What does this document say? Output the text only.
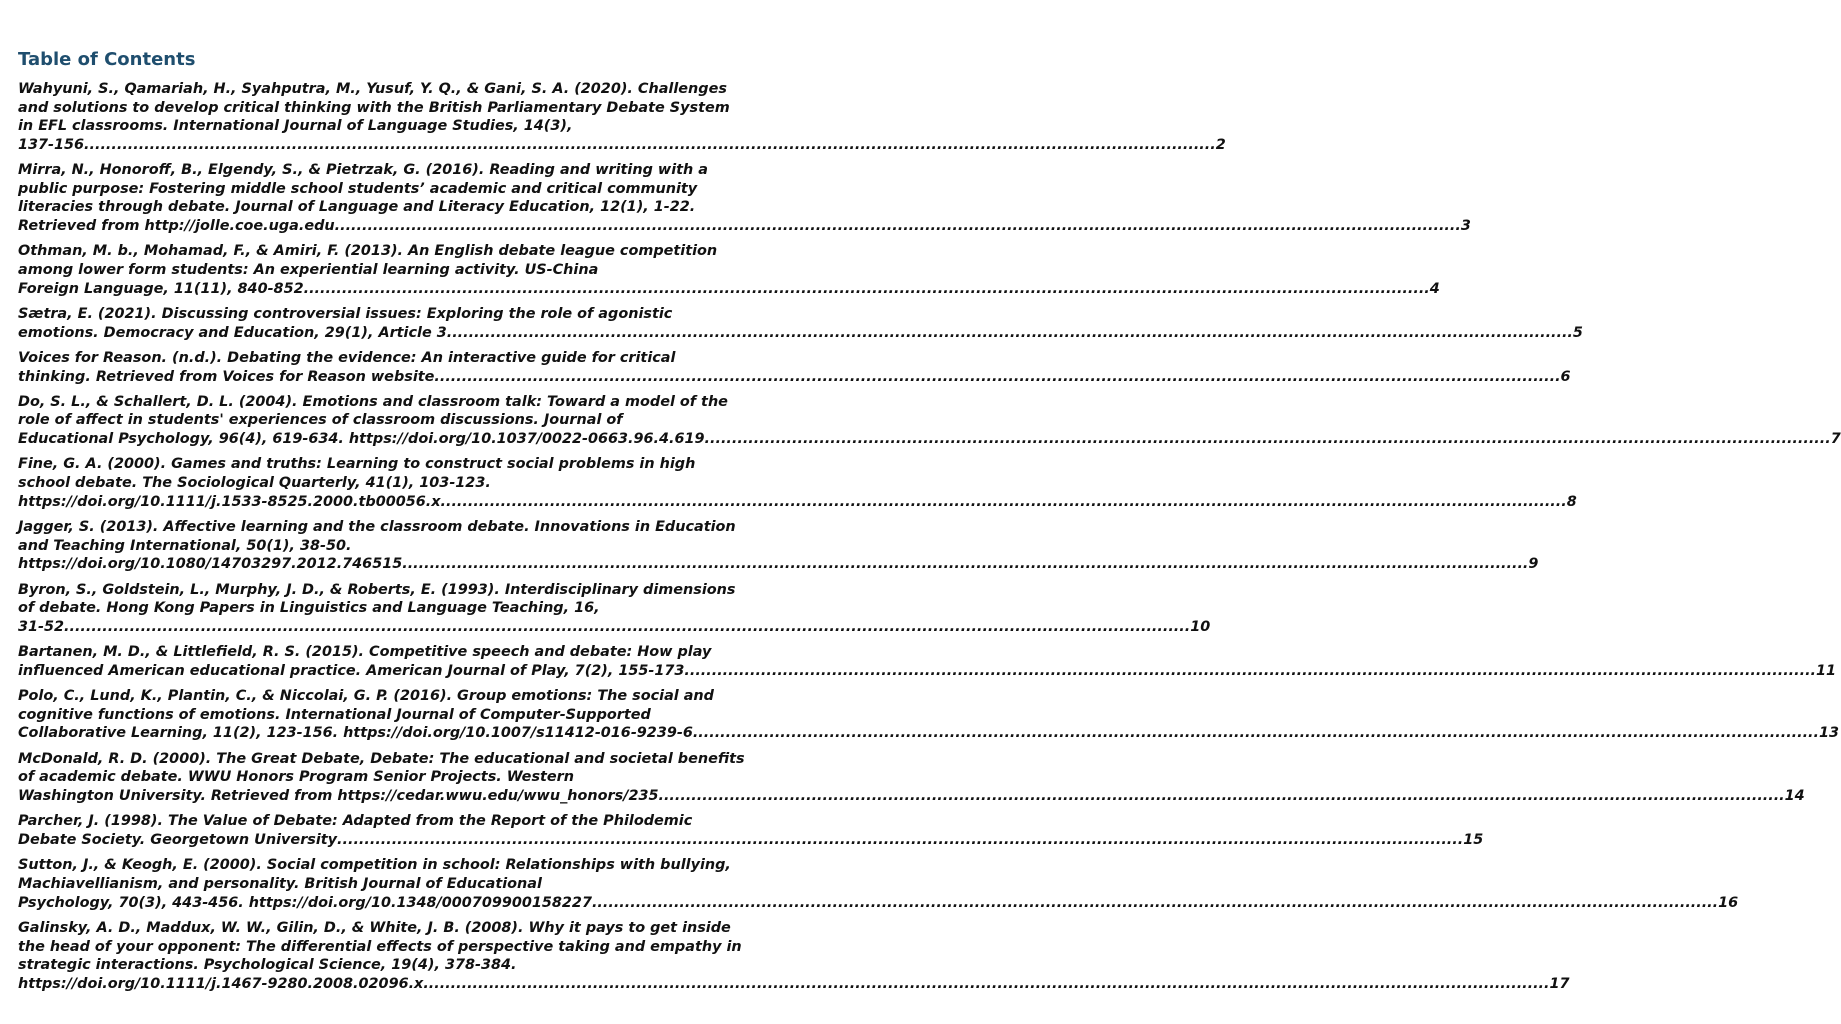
Table of Contents
Wahyuni, S., Qamariah, H., Syahputra, M., Yusuf, Y. Q., & Gani, S. A. (2020). Challenges and solutions to develop critical thinking with the British Parliamentary Debate System in EFL classrooms. International Journal of Language Studies, 14(3),
137-156. .....	2
Mirra, N., Honoroff, B., Elgendy, S., & Pietrzak, G. (2016). Reading and writing with a public purpose: Fostering middle school students’ academic and critical community literacies through debate. Journal of Language and Literacy Education, 12(1), 1-22.
Retrieved from http://jolle.coe.uga.edu .....	3
Othman, M. b., Mohamad, F., & Amiri, F. (2013). An English debate league competition among lower form students: An experiential learning activity. US-China
Foreign Language, 11(11), 840-852 .....	4
Sætra, E. (2021). Discussing controversial issues: Exploring the role of agonistic
emotions. Democracy and Education, 29(1), Article 3 .....	5
Voices for Reason. (n.d.). Debating the evidence: An interactive guide for critical
thinking. Retrieved from Voices for Reason website .....	6
Do, S. L., & Schallert, D. L. (2004). Emotions and classroom talk: Toward a model of the role of affect in students' experiences of classroom discussions. Journal of
Educational Psychology, 96(4), 619-634. https://doi.org/10.1037/0022-0663.96.4.619 .....	7
Fine, G. A. (2000). Games and truths: Learning to construct social problems in high school debate. The Sociological Quarterly, 41(1), 103-123.
https://doi.org/10.1111/j.1533-8525.2000.tb00056.x .....	8
Jagger, S. (2013). Affective learning and the classroom debate. Innovations in Education and Teaching International, 50(1), 38-50.
https://doi.org/10.1080/14703297.2012.746515 .....	9
Byron, S., Goldstein, L., Murphy, J. D., & Roberts, E. (1993). Interdisciplinary dimensions of debate. Hong Kong Papers in Linguistics and Language Teaching, 16,
31-52 .....	10
Bartanen, M. D., & Littlefield, R. S. (2015). Competitive speech and debate: How play
influenced American educational practice. American Journal of Play, 7(2), 155-173. .....	11
Polo, C., Lund, K., Plantin, C., & Niccolai, G. P. (2016). Group emotions: The social and cognitive functions of emotions. International Journal of Computer-Supported
Collaborative Learning, 11(2), 123-156. https://doi.org/10.1007/s11412-016-9239-6 .....	13
McDonald, R. D. (2000). The Great Debate, Debate: The educational and societal benefits of academic debate. WWU Honors Program Senior Projects. Western
Washington University. Retrieved from https://cedar.wwu.edu/wwu_honors/235 .....	14
Parcher, J. (1998). The Value of Debate: Adapted from the Report of the Philodemic
Debate Society. Georgetown University .....	15
Sutton, J., & Keogh, E. (2000). Social competition in school: Relationships with bullying, Machiavellianism, and personality. British Journal of Educational
Psychology, 70(3), 443-456. https://doi.org/10.1348/000709900158227 .....	16
Galinsky, A. D., Maddux, W. W., Gilin, D., & White, J. B. (2008). Why it pays to get inside the head of your opponent: The differential effects of perspective taking and empathy in strategic interactions. Psychological Science, 19(4), 378-384.
https://doi.org/10.1111/j.1467-9280.2008.02096.x .....	17
